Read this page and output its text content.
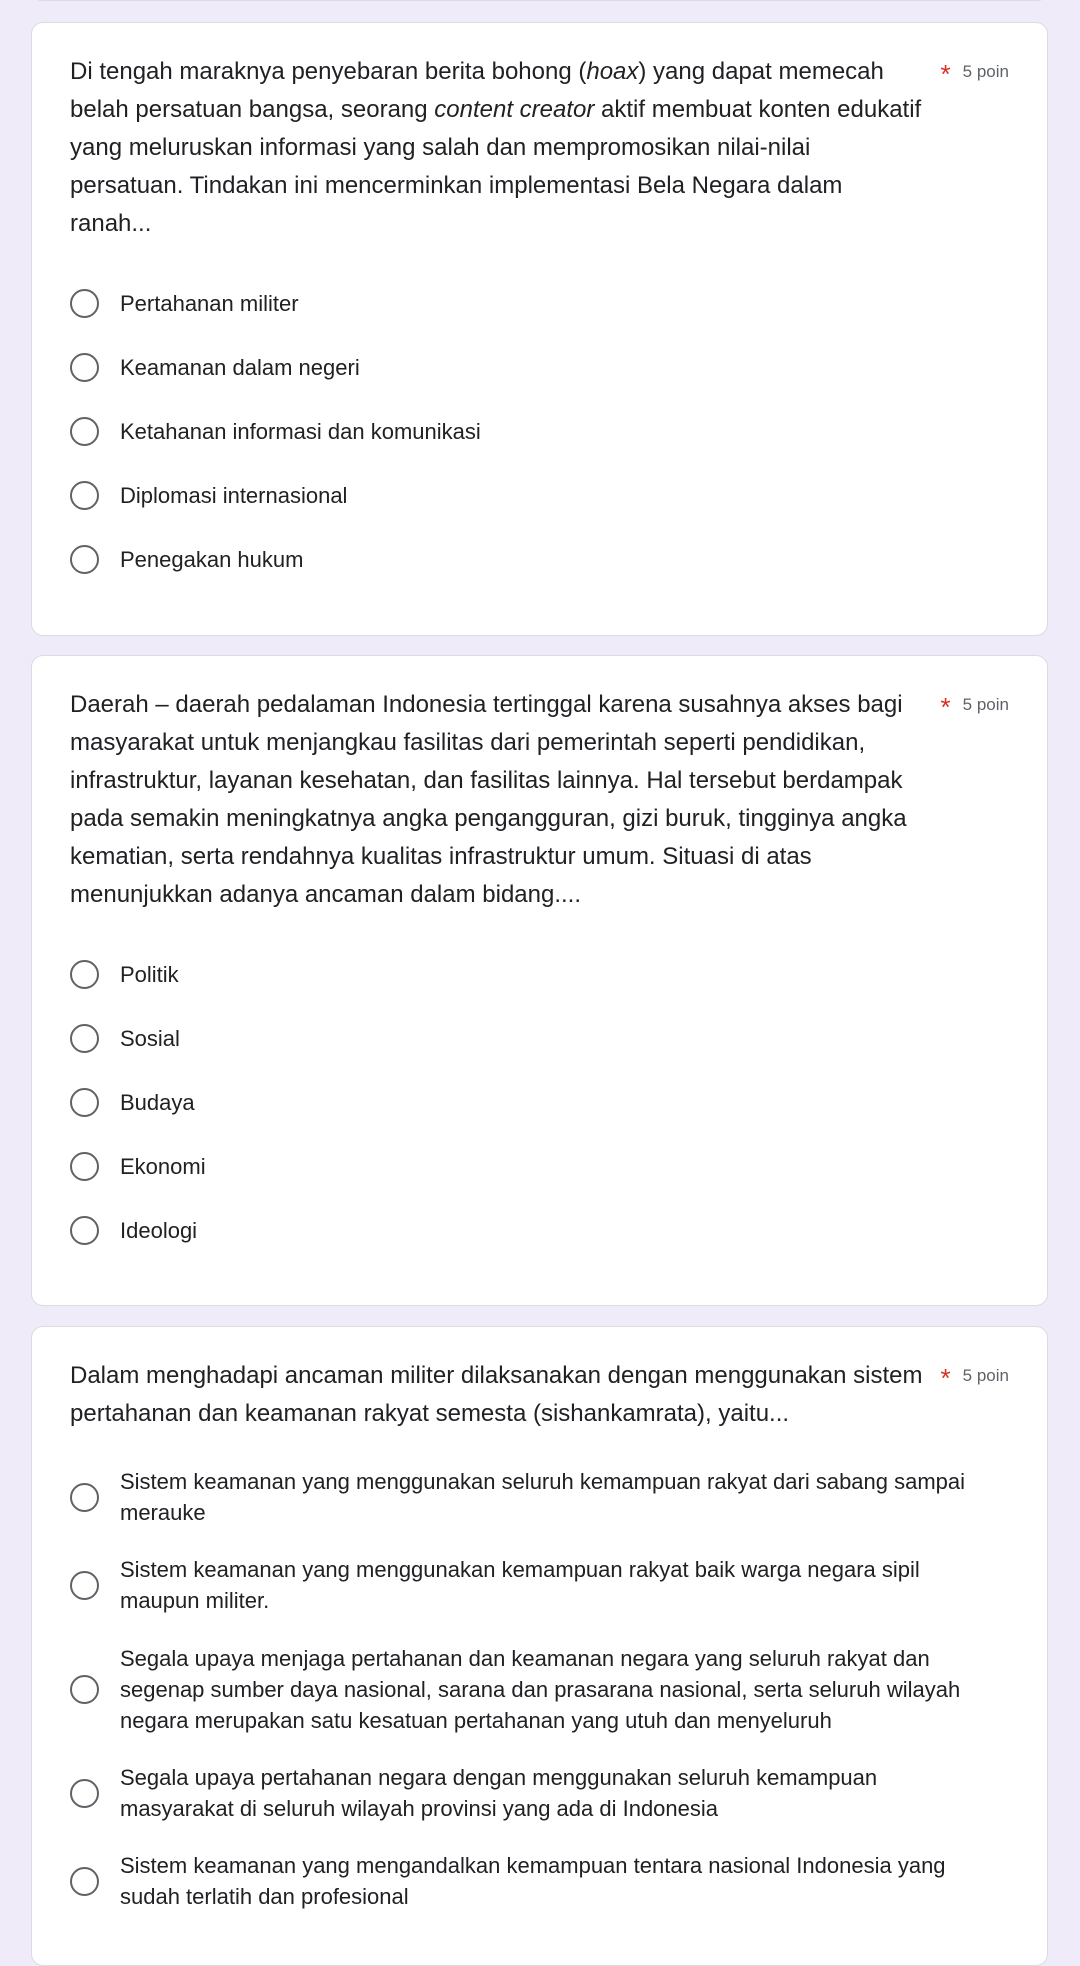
Di tengah maraknya penyebaran berita bohong (hoax) yang dapat memecah belah persatuan bangsa, seorang content creator aktif membuat konten edukatif yang meluruskan informasi yang salah dan mempromosikan nilai-nilai persatuan. Tindakan ini mencerminkan implementasi Bela Negara dalam ranah...
* 5 poin
Pertahanan militer
Keamanan dalam negeri
Ketahanan informasi dan komunikasi
Diplomasi internasional
Penegakan hukum
Daerah – daerah pedalaman Indonesia tertinggal karena susahnya akses bagi masyarakat untuk menjangkau fasilitas dari pemerintah seperti pendidikan, infrastruktur, layanan kesehatan, dan fasilitas lainnya. Hal tersebut berdampak pada semakin meningkatnya angka pengangguran, gizi buruk, tingginya angka kematian, serta rendahnya kualitas infrastruktur umum. Situasi di atas menunjukkan adanya ancaman dalam bidang....
* 5 poin
Politik
Sosial
Budaya
Ekonomi
Ideologi
Dalam menghadapi ancaman militer dilaksanakan dengan menggunakan sistem pertahanan dan keamanan rakyat semesta (sishankamrata), yaitu...
* 5 poin
Sistem keamanan yang menggunakan seluruh kemampuan rakyat dari sabang sampai merauke
Sistem keamanan yang menggunakan kemampuan rakyat baik warga negara sipil maupun militer.
Segala upaya menjaga pertahanan dan keamanan negara yang seluruh rakyat dan segenap sumber daya nasional, sarana dan prasarana nasional, serta seluruh wilayah negara merupakan satu kesatuan pertahanan yang utuh dan menyeluruh
Segala upaya pertahanan negara dengan menggunakan seluruh kemampuan masyarakat di seluruh wilayah provinsi yang ada di Indonesia
Sistem keamanan yang mengandalkan kemampuan tentara nasional Indonesia yang sudah terlatih dan profesional
